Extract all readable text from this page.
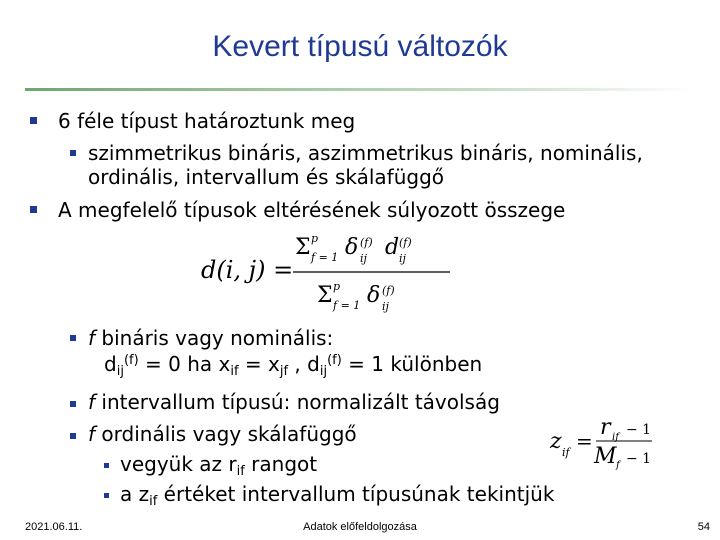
Kevert típusú változók
6 féle típust határoztunk meg
szimmetrikus bináris, aszimmetrikus bináris, nominális,
ordinális, intervallum és skálafüggő
A megfelelő típusok eltérésének súlyozott összege
d(i, j) =
Σ p
f = 1 δ (f)
ij d (f)
ij
Σ p
f = 1 δ (f)
ij
f bináris vagy nominális:
$d_{ij}^{(f)} = 0$ ha $x_{if} = x_{jf}$ , $d_{ij}^{(f)} = 1$ különben
f intervallum típusú: normalizált távolság
f ordinális vagy skálafüggő
vegyük az $r_{if}$ rangot
a $z_{if}$ értéket intervallum típusúnak tekintjük
z if =
r if − 1
M f − 1
2021.06.11.	Adatok előfeldolgozása	54
